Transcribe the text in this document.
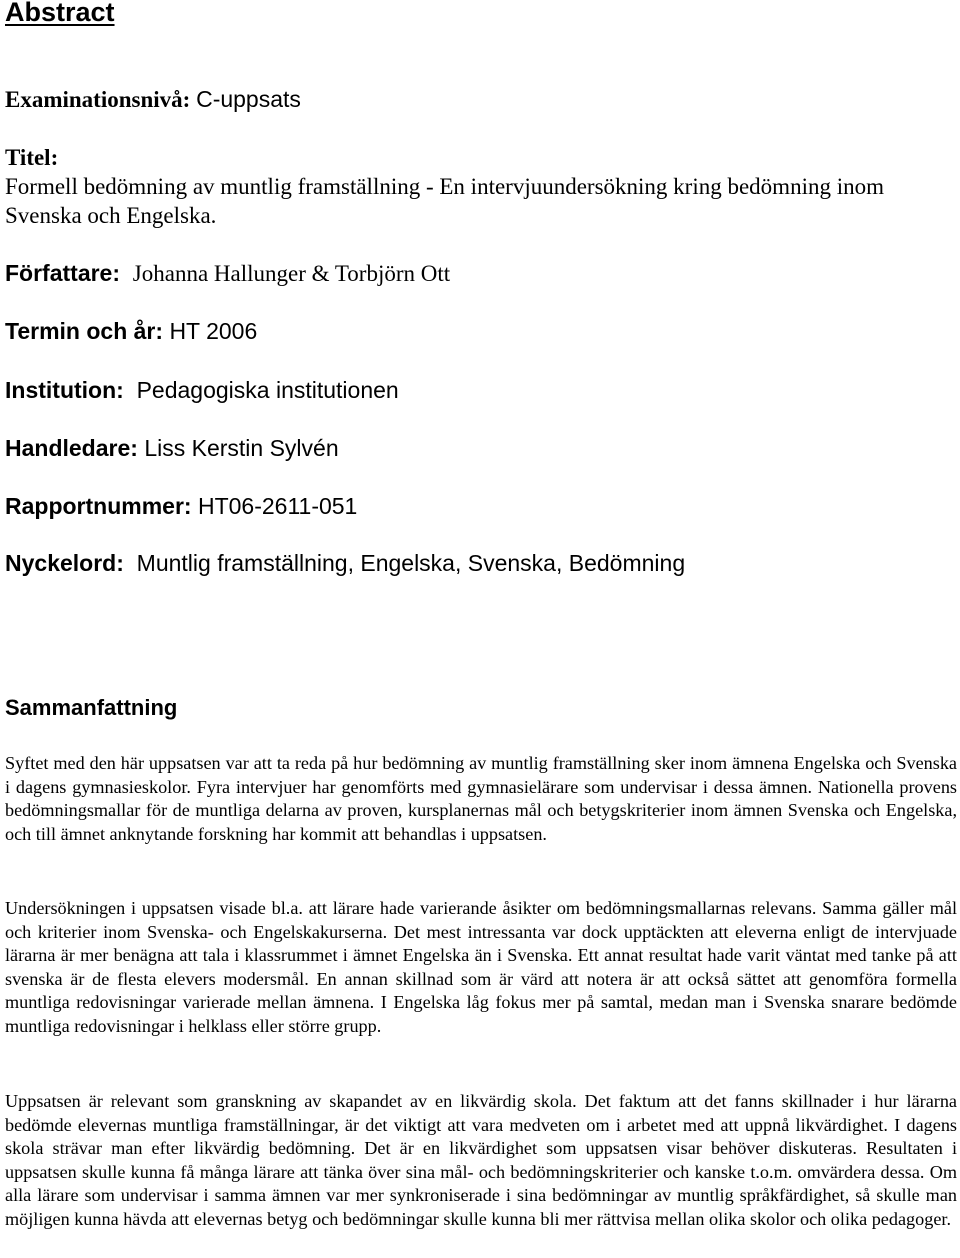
Abstract

Examinationsnivå: C-uppsats

Titel:
Formell bedömning av muntlig framställning - En intervjuundersökning kring bedömning inom Svenska och Engelska.

Författare: Johanna Hallunger & Torbjörn Ott

Termin och år: HT 2006

Institution: Pedagogiska institutionen

Handledare: Liss Kerstin Sylvén

Rapportnummer: HT06-2611-051

Nyckelord: Muntlig framställning, Engelska, Svenska, Bedömning

Sammanfattning

Syftet med den här uppsatsen var att ta reda på hur bedömning av muntlig framställning sker inom ämnena Engelska och Svenska i dagens gymnasieskolor. Fyra intervjuer har genomförts med gymnasielärare som undervisar i dessa ämnen. Nationella provens bedömningsmallar för de muntliga delarna av proven, kursplanernas mål och betygskriterier inom ämnen Svenska och Engelska, och till ämnet anknytande forskning har kommit att behandlas i uppsatsen.

Undersökningen i uppsatsen visade bl.a. att lärare hade varierande åsikter om bedömningsmallarnas relevans. Samma gäller mål och kriterier inom Svenska- och Engelskakurserna. Det mest intressanta var dock upptäckten att eleverna enligt de intervjuade lärarna är mer benägna att tala i klassrummet i ämnet Engelska än i Svenska. Ett annat resultat hade varit väntat med tanke på att svenska är de flesta elevers modersmål. En annan skillnad som är värd att notera är att också sättet att genomföra formella muntliga redovisningar varierade mellan ämnena. I Engelska låg fokus mer på samtal, medan man i Svenska snarare bedömde muntliga redovisningar i helklass eller större grupp.

Uppsatsen är relevant som granskning av skapandet av en likvärdig skola. Det faktum att det fanns skillnader i hur lärarna bedömde elevernas muntliga framställningar, är det viktigt att vara medveten om i arbetet med att uppnå likvärdighet. I dagens skola strävar man efter likvärdig bedömning. Det är en likvärdighet som uppsatsen visar behöver diskuteras. Resultaten i uppsatsen skulle kunna få många lärare att tänka över sina mål- och bedömningskriterier och kanske t.o.m. omvärdera dessa. Om alla lärare som undervisar i samma ämnen var mer synkroniserade i sina bedömningar av muntlig språkfärdighet, så skulle man möjligen kunna hävda att elevernas betyg och bedömningar skulle kunna bli mer rättvisa mellan olika skolor och olika pedagoger.
